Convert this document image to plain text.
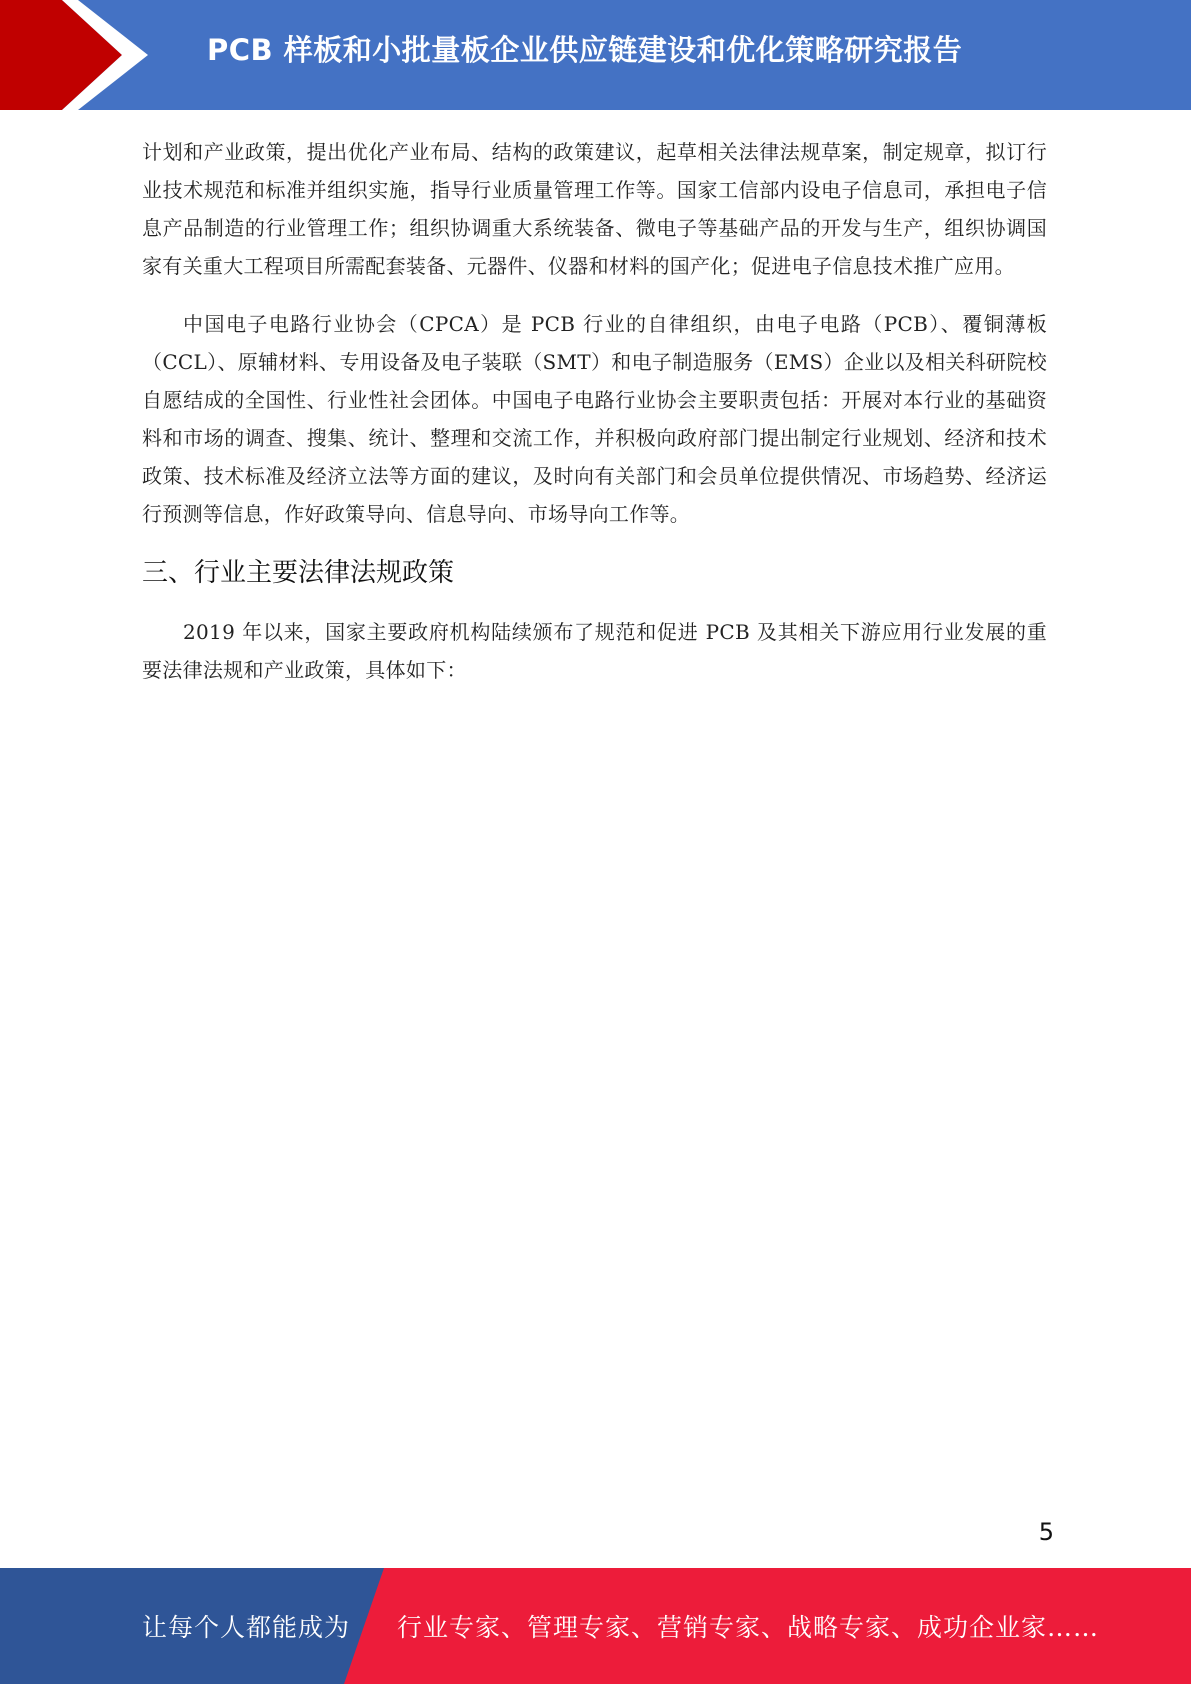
PCB 样板和小批量板企业供应链建设和优化策略研究报告

计划和产业政策，提出优化产业布局、结构的政策建议，起草相关法律法规草案，制定规章，拟订行业技术规范和标准并组织实施，指导行业质量管理工作等。国家工信部内设电子信息司，承担电子信息产品制造的行业管理工作；组织协调重大系统装备、微电子等基础产品的开发与生产，组织协调国家有关重大工程项目所需配套装备、元器件、仪器和材料的国产化；促进电子信息技术推广应用。

中国电子电路行业协会（CPCA）是 PCB 行业的自律组织，由电子电路（PCB）、覆铜薄板（CCL）、原辅材料、专用设备及电子装联（SMT）和电子制造服务（EMS）企业以及相关科研院校自愿结成的全国性、行业性社会团体。中国电子电路行业协会主要职责包括：开展对本行业的基础资料和市场的调查、搜集、统计、整理和交流工作，并积极向政府部门提出制定行业规划、经济和技术政策、技术标准及经济立法等方面的建议，及时向有关部门和会员单位提供情况、市场趋势、经济运行预测等信息，作好政策导向、信息导向、市场导向工作等。

三、行业主要法律法规政策

2019 年以来，国家主要政府机构陆续颁布了规范和促进 PCB 及其相关下游应用行业发展的重要法律法规和产业政策，具体如下：

5
让每个人都能成为 行业专家、管理专家、营销专家、战略专家、成功企业家……
